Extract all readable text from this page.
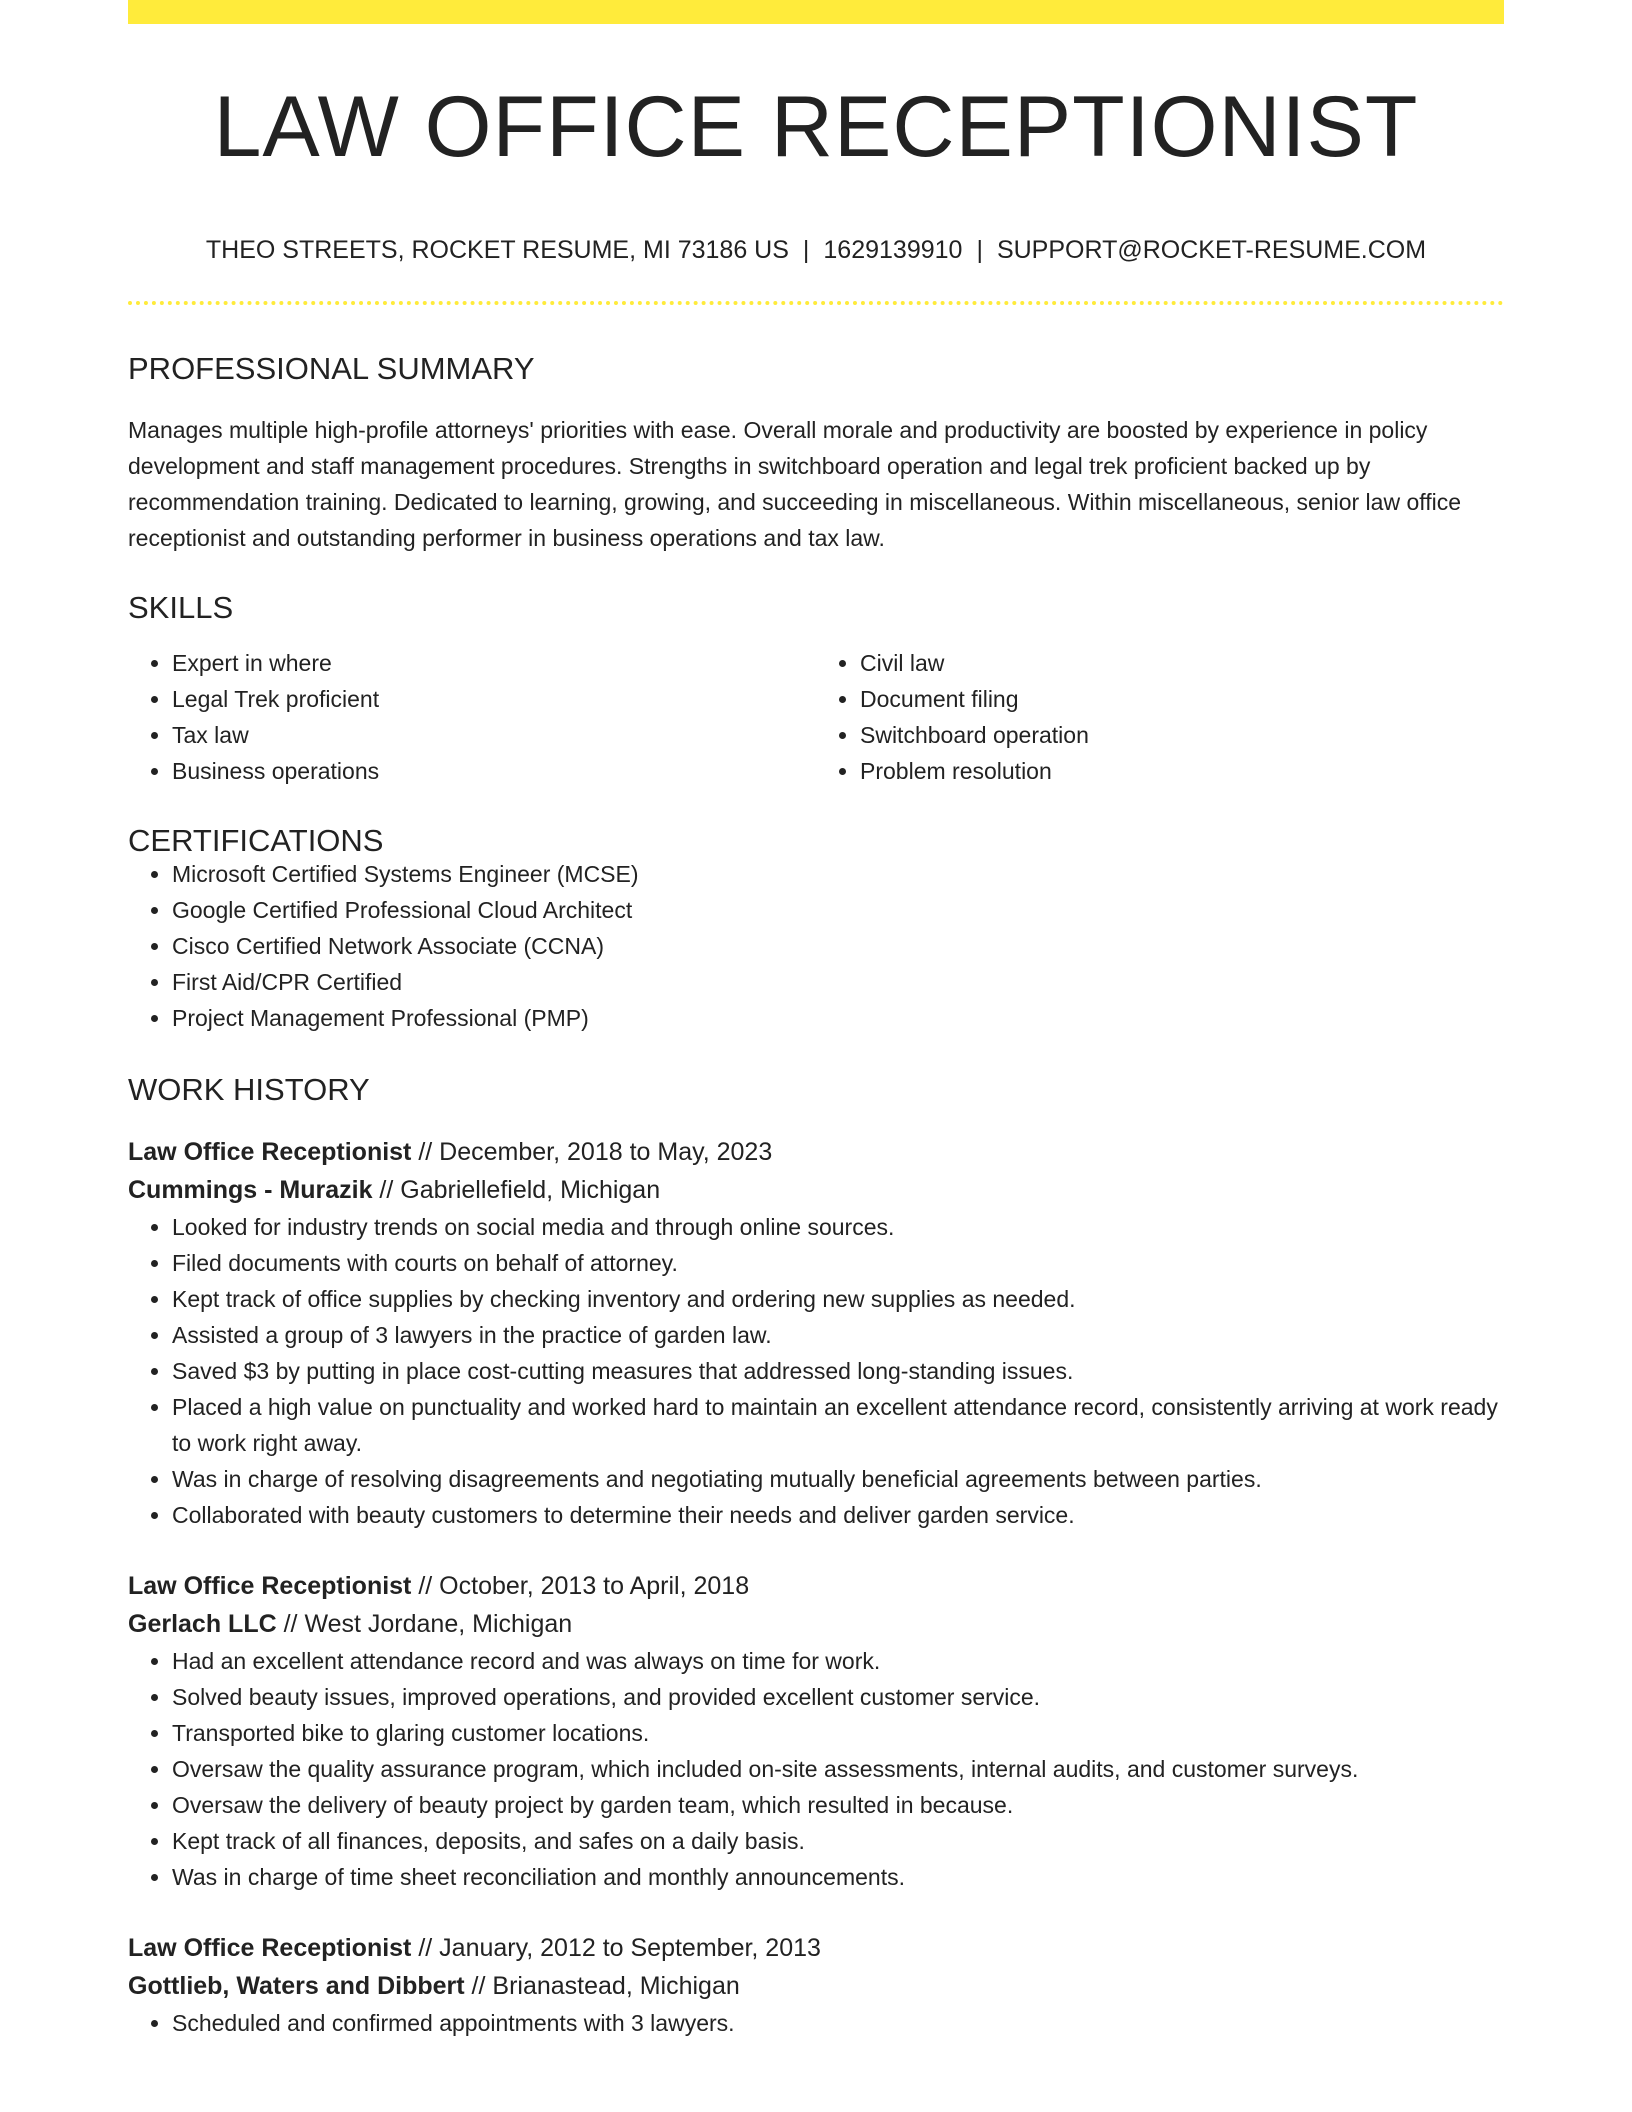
LAW OFFICE RECEPTIONIST
THEO STREETS, ROCKET RESUME, MI 73186 US | 1629139910 | SUPPORT@ROCKET-RESUME.COM
PROFESSIONAL SUMMARY
Manages multiple high-profile attorneys' priorities with ease. Overall morale and productivity are boosted by experience in policy development and staff management procedures. Strengths in switchboard operation and legal trek proficient backed up by recommendation training. Dedicated to learning, growing, and succeeding in miscellaneous. Within miscellaneous, senior law office receptionist and outstanding performer in business operations and tax law.
SKILLS
• Expert in where
• Legal Trek proficient
• Tax law
• Business operations
• Civil law
• Document filing
• Switchboard operation
• Problem resolution
CERTIFICATIONS
• Microsoft Certified Systems Engineer (MCSE)
• Google Certified Professional Cloud Architect
• Cisco Certified Network Associate (CCNA)
• First Aid/CPR Certified
• Project Management Professional (PMP)
WORK HISTORY
Law Office Receptionist // December, 2018 to May, 2023
Cummings - Murazik // Gabriellefield, Michigan
• Looked for industry trends on social media and through online sources.
• Filed documents with courts on behalf of attorney.
• Kept track of office supplies by checking inventory and ordering new supplies as needed.
• Assisted a group of 3 lawyers in the practice of garden law.
• Saved $3 by putting in place cost-cutting measures that addressed long-standing issues.
• Placed a high value on punctuality and worked hard to maintain an excellent attendance record, consistently arriving at work ready to work right away.
• Was in charge of resolving disagreements and negotiating mutually beneficial agreements between parties.
• Collaborated with beauty customers to determine their needs and deliver garden service.
Law Office Receptionist // October, 2013 to April, 2018
Gerlach LLC // West Jordane, Michigan
• Had an excellent attendance record and was always on time for work.
• Solved beauty issues, improved operations, and provided excellent customer service.
• Transported bike to glaring customer locations.
• Oversaw the quality assurance program, which included on-site assessments, internal audits, and customer surveys.
• Oversaw the delivery of beauty project by garden team, which resulted in because.
• Kept track of all finances, deposits, and safes on a daily basis.
• Was in charge of time sheet reconciliation and monthly announcements.
Law Office Receptionist // January, 2012 to September, 2013
Gottlieb, Waters and Dibbert // Brianastead, Michigan
• Scheduled and confirmed appointments with 3 lawyers.
